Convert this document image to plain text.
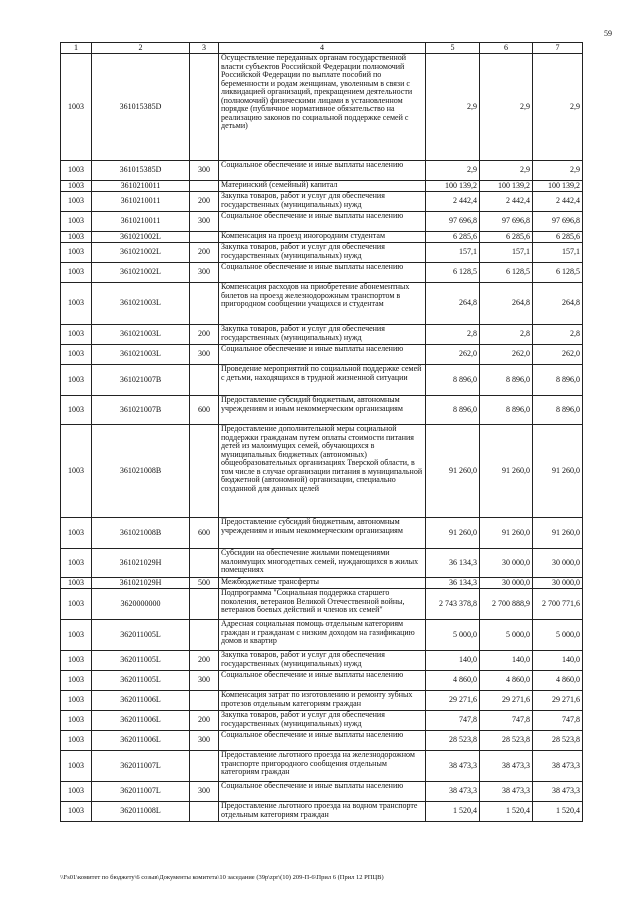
59
1	2	3	4	5	6	7
1003	361015385D		Осуществление переданных органам государственной власти субъектов Российской Федерации полномочий Российской Федерации по выплате пособий по беременности и родам женщинам, уволенным в связи с ликвидацией организаций, прекращением деятельности (полномочий) физическими лицами в установленном порядке (публичное нормативное обязательство на реализацию законов по социальной поддержке семей с детьми)	2,9	2,9	2,9
1003	361015385D	300	Социальное обеспечение и иные выплаты населению	2,9	2,9	2,9
1003	3610210011		Материнский (семейный) капитал	100 139,2	100 139,2	100 139,2
1003	3610210011	200	Закупка товаров, работ и услуг для обеспечения государственных (муниципальных) нужд	2 442,4	2 442,4	2 442,4
1003	3610210011	300	Социальное обеспечение и иные выплаты населению	97 696,8	97 696,8	97 696,8
1003	361021002L		Компенсация на проезд иногородним студентам	6 285,6	6 285,6	6 285,6
1003	361021002L	200	Закупка товаров, работ и услуг для обеспечения государственных (муниципальных) нужд	157,1	157,1	157,1
1003	361021002L	300	Социальное обеспечение и иные выплаты населению	6 128,5	6 128,5	6 128,5
1003	361021003L		Компенсация расходов на приобретение абонементных билетов на проезд железнодорожным транспортом в пригородном сообщении учащихся и студентам	264,8	264,8	264,8
1003	361021003L	200	Закупка товаров, работ и услуг для обеспечения государственных (муниципальных) нужд	2,8	2,8	2,8
1003	361021003L	300	Социальное обеспечение и иные выплаты населению	262,0	262,0	262,0
1003	361021007B		Проведение мероприятий по социальной поддержке семей с детьми, находящихся в трудной жизненной ситуации	8 896,0	8 896,0	8 896,0
1003	361021007B	600	Предоставление субсидий бюджетным, автономным учреждениям и иным некоммерческим организациям	8 896,0	8 896,0	8 896,0
1003	361021008B		Предоставление дополнительной меры социальной поддержки гражданам путем оплаты стоимости питания детей из малоимущих семей, обучающихся в муниципальных бюджетных (автономных) общеобразовательных организациях Тверской области, в том числе в случае организации питания в муниципальной бюджетной (автономной) организации, специально созданной для данных целей	91 260,0	91 260,0	91 260,0
1003	361021008B	600	Предоставление субсидий бюджетным, автономным учреждениям и иным некоммерческим организациям	91 260,0	91 260,0	91 260,0
1003	361021029H		Субсидии на обеспечение жилыми помещениями малоимущих многодетных семей, нуждающихся в жилых помещениях	36 134,3	30 000,0	30 000,0
1003	361021029H	500	Межбюджетные трансферты	36 134,3	30 000,0	30 000,0
1003	3620000000		Подпрограмма "Социальная поддержка старшего поколения, ветеранов Великой Отечественной войны, ветеранов боевых действий и членов их семей"	2 743 378,8	2 700 888,9	2 700 771,6
1003	362011005L		Адресная социальная помощь отдельным категориям граждан и гражданам с низким доходом на газификацию домов и квартир	5 000,0	5 000,0	5 000,0
1003	362011005L	200	Закупка товаров, работ и услуг для обеспечения государственных (муниципальных) нужд	140,0	140,0	140,0
1003	362011005L	300	Социальное обеспечение и иные выплаты населению	4 860,0	4 860,0	4 860,0
1003	362011006L		Компенсация затрат по изготовлению и ремонту зубных протезов отдельным категориям граждан	29 271,6	29 271,6	29 271,6
1003	362011006L	200	Закупка товаров, работ и услуг для обеспечения государственных (муниципальных) нужд	747,8	747,8	747,8
1003	362011006L	300	Социальное обеспечение и иные выплаты населению	28 523,8	28 523,8	28 523,8
1003	362011007L		Предоставление льготного проезда на железнодорожном транспорте пригородного сообщения отдельным категориям граждан	38 473,3	38 473,3	38 473,3
1003	362011007L	300	Социальное обеспечение и иные выплаты населению	38 473,3	38 473,3	38 473,3
1003	362011008L		Предоставление льготного проезда на водном транспорте отдельным категориям граждан	1 520,4	1 520,4	1 520,4
\\Fs01\комитет по бюджету\6 созыв\Документы комитета\10 заседание (39р\zpr\(10) 209-П-6\Прил 6 (Прил 12 РПЦВ)
